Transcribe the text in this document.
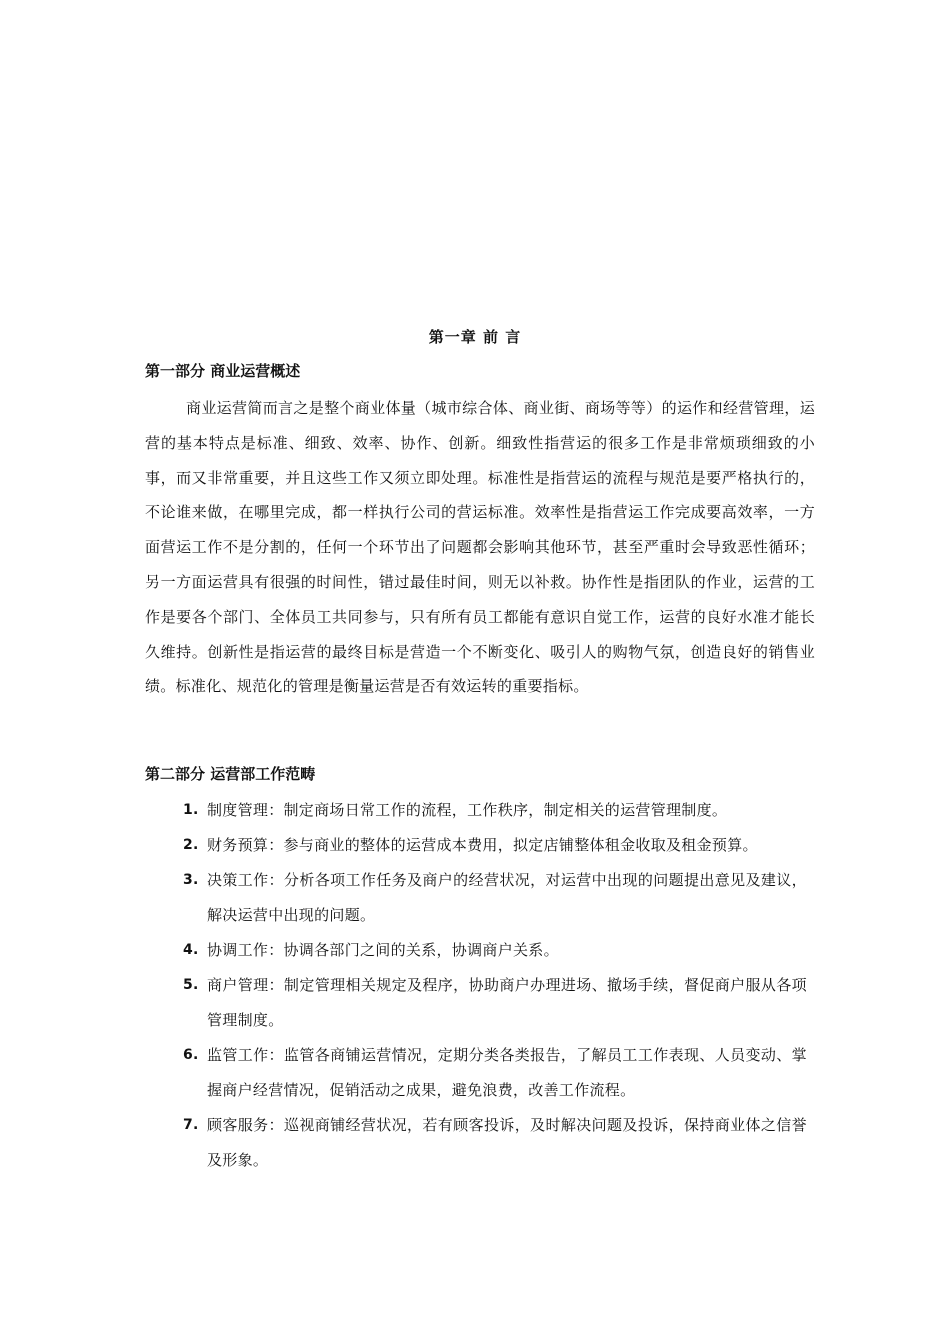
第一章 前 言
第一部分 商业运营概述

商业运营简而言之是整个商业体量（城市综合体、商业街、商场等等）的运作和经营管理，运营的基本特点是标准、细致、效率、协作、创新。细致性指营运的很多工作是非常烦琐细致的小事，而又非常重要，并且这些工作又须立即处理。标准性是指营运的流程与规范是要严格执行的，不论谁来做，在哪里完成，都一样执行公司的营运标准。效率性是指营运工作完成要高效率，一方面营运工作不是分割的，任何一个环节出了问题都会影响其他环节，甚至严重时会导致恶性循环；另一方面运营具有很强的时间性，错过最佳时间，则无以补救。协作性是指团队的作业，运营的工作是要各个部门、全体员工共同参与，只有所有员工都能有意识自觉工作，运营的良好水准才能长久维持。创新性是指运营的最终目标是营造一个不断变化、吸引人的购物气氛，创造良好的销售业绩。标准化、规范化的管理是衡量运营是否有效运转的重要指标。

第二部分 运营部工作范畴
1. 制度管理：制定商场日常工作的流程，工作秩序，制定相关的运营管理制度。
2. 财务预算：参与商业的整体的运营成本费用，拟定店铺整体租金收取及租金预算。
3. 决策工作：分析各项工作任务及商户的经营状况，对运营中出现的问题提出意见及建议，解决运营中出现的问题。
4. 协调工作：协调各部门之间的关系，协调商户关系。
5. 商户管理：制定管理相关规定及程序，协助商户办理进场、撤场手续，督促商户服从各项管理制度。
6. 监管工作：监管各商铺运营情况，定期分类各类报告，了解员工工作表现、人员变动、掌握商户经营情况，促销活动之成果，避免浪费，改善工作流程。
7. 顾客服务：巡视商铺经营状况，若有顾客投诉，及时解决问题及投诉，保持商业体之信誉及形象。
